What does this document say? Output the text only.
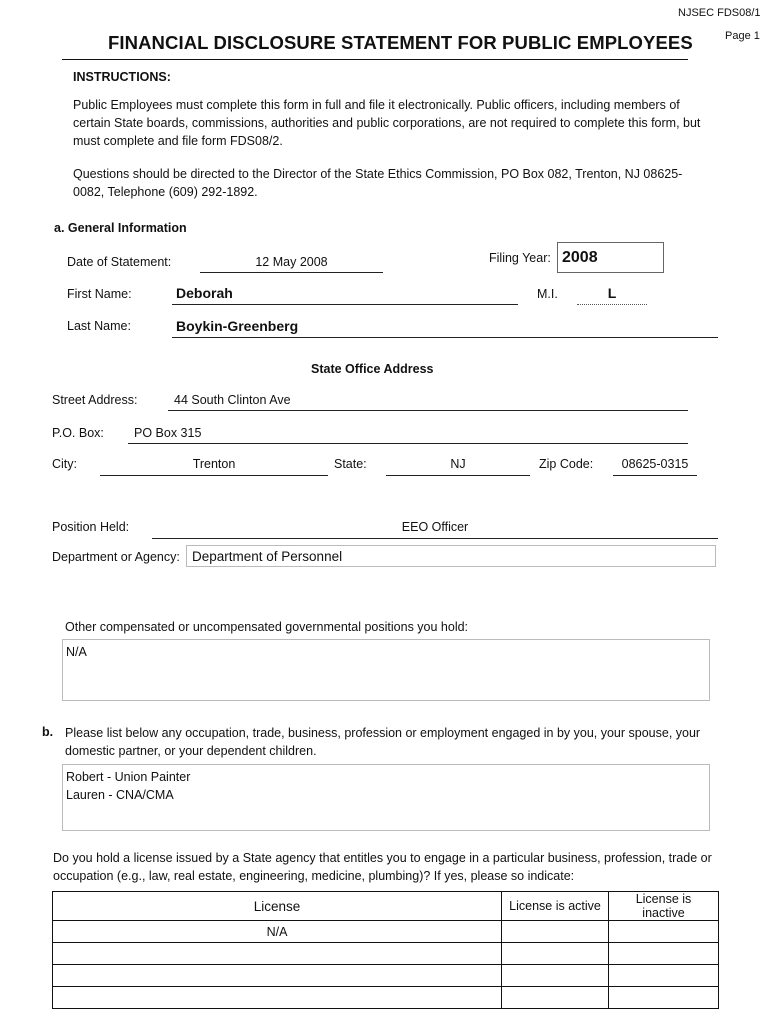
NJSEC FDS08/1
Page 1
FINANCIAL DISCLOSURE STATEMENT FOR PUBLIC EMPLOYEES
INSTRUCTIONS:
Public Employees must complete this form in full and file it electronically. Public officers, including members of certain State boards, commissions, authorities and public corporations, are not required to complete this form, but must complete and file form FDS08/2.
Questions should be directed to the Director of the State Ethics Commission, PO Box 082, Trenton, NJ 08625-0082, Telephone (609) 292-1892.
a. General Information
Date of Statement:	12 May 2008	Filing Year: 2008
First Name:	Deborah	M.I.	L
Last Name:	Boykin-Greenberg
State Office Address
Street Address:	44 South Clinton Ave
P.O. Box: PO Box 315
City:	Trenton	State:	NJ	Zip Code:	08625-0315
Position Held:	EEO Officer
Department or Agency: Department of Personnel
Other compensated or uncompensated governmental positions you hold:
N/A
b. Please list below any occupation, trade, business, profession or employment engaged in by you, your spouse, your domestic partner, or your dependent children.
Robert - Union Painter
Lauren - CNA/CMA
Do you hold a license issued by a State agency that entitles you to engage in a particular business, profession, trade or occupation (e.g., law, real estate, engineering, medicine, plumbing)? If yes, please so indicate:
License	License is active	License is inactive
N/A		
